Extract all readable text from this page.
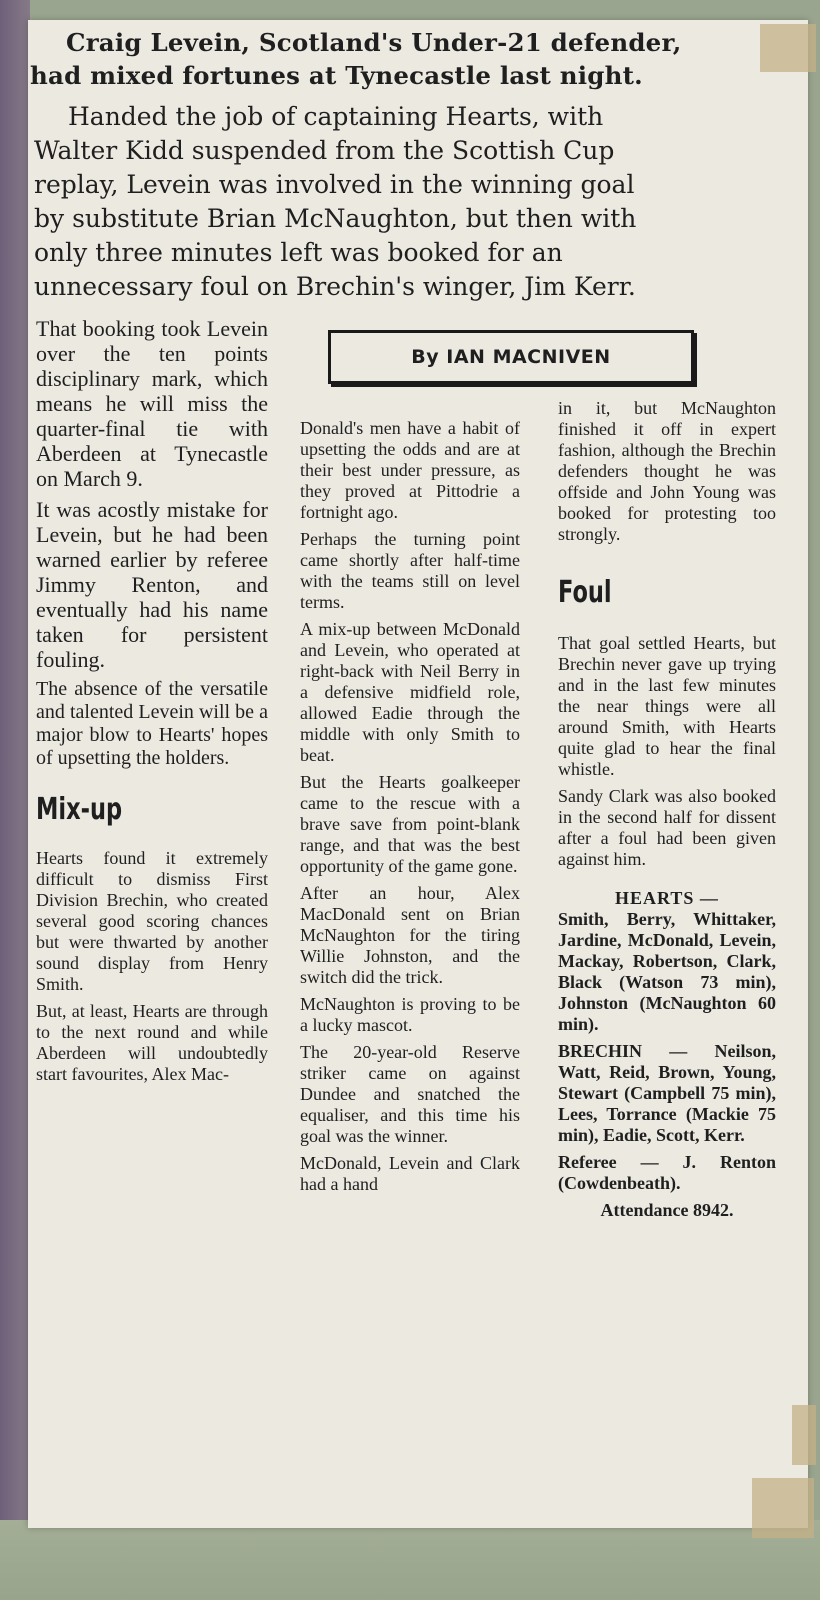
Craig Levein, Scotland's Under-21 defender,
had mixed fortunes at Tynecastle last night.
Handed the job of captaining Hearts, with
Walter Kidd suspended from the Scottish Cup
replay, Levein was involved in the winning goal
by substitute Brian McNaughton, but then with
only three minutes left was booked for an
unnecessary foul on Brechin's winger, Jim Kerr.
By IAN MACNIVEN

That booking took Levein over the ten points disciplinary mark, which means he will miss the quarter-final tie with Aberdeen at Tynecastle on March 9.

It was acostly mistake for Levein, but he had been warned earlier by referee Jimmy Renton, and eventually had his name taken for persistent fouling.

The absence of the versatile and talented Levein will be a major blow to Hearts' hopes of upsetting the holders.

Mix-up

Hearts found it extremely difficult to dismiss First Division Brechin, who created several good scoring chances but were thwarted by another sound display from Henry Smith.

But, at least, Hearts are through to the next round and while Aberdeen will undoubtedly start favourites, Alex Mac-

Donald's men have a habit of upsetting the odds and are at their best under pressure, as they proved at Pittodrie a fortnight ago.

Perhaps the turning point came shortly after half-time with the teams still on level terms.

A mix-up between McDonald and Levein, who operated at right-back with Neil Berry in a defensive midfield role, allowed Eadie through the middle with only Smith to beat.

But the Hearts goalkeeper came to the rescue with a brave save from point-blank range, and that was the best opportunity of the game gone.

After an hour, Alex MacDonald sent on Brian McNaughton for the tiring Willie Johnston, and the switch did the trick.

McNaughton is proving to be a lucky mascot.

The 20-year-old Reserve striker came on against Dundee and snatched the equaliser, and this time his goal was the winner.

McDonald, Levein and Clark had a hand

in it, but McNaughton finished it off in expert fashion, although the Brechin defenders thought he was offside and John Young was booked for protesting too strongly.

Foul

That goal settled Hearts, but Brechin never gave up trying and in the last few minutes the near things were all around Smith, with Hearts quite glad to hear the final whistle.

Sandy Clark was also booked in the second half for dissent after a foul had been given against him.

HEARTS —

Smith, Berry, Whittaker, Jardine, McDonald, Levein, Mackay, Robertson, Clark, Black (Watson 73 min), Johnston (McNaughton 60 min).

BRECHIN — Neilson, Watt, Reid, Brown, Young, Stewart (Campbell 75 min), Lees, Torrance (Mackie 75 min), Eadie, Scott, Kerr.

Referee — J. Renton (Cowdenbeath).

Attendance 8942.
